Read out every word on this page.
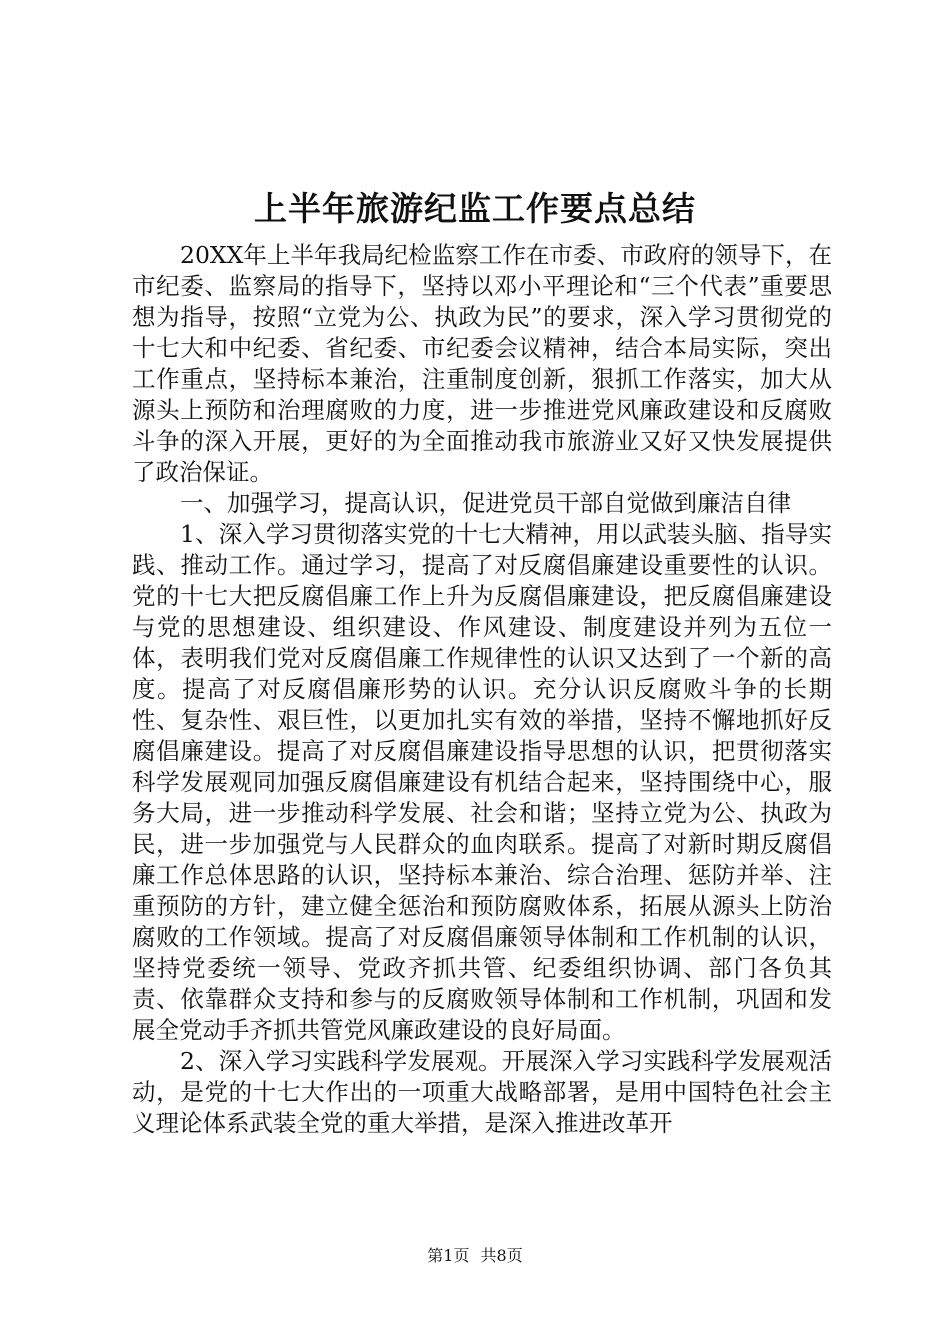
上半年旅游纪监工作要点总结

20XX年上半年我局纪检监察工作在市委、市政府的领导下，在市纪委、监察局的指导下，坚持以邓小平理论和“三个代表”重要思想为指导，按照“立党为公、执政为民”的要求，深入学习贯彻党的十七大和中纪委、省纪委、市纪委会议精神，结合本局实际，突出工作重点，坚持标本兼治，注重制度创新，狠抓工作落实，加大从源头上预防和治理腐败的力度，进一步推进党风廉政建设和反腐败斗争的深入开展，更好的为全面推动我市旅游业又好又快发展提供了政治保证。

一、加强学习，提高认识，促进党员干部自觉做到廉洁自律

1、深入学习贯彻落实党的十七大精神，用以武装头脑、指导实践、推动工作。通过学习，提高了对反腐倡廉建设重要性的认识。党的十七大把反腐倡廉工作上升为反腐倡廉建设，把反腐倡廉建设与党的思想建设、组织建设、作风建设、制度建设并列为五位一体，表明我们党对反腐倡廉工作规律性的认识又达到了一个新的高度。提高了对反腐倡廉形势的认识。充分认识反腐败斗争的长期性、复杂性、艰巨性，以更加扎实有效的举措，坚持不懈地抓好反腐倡廉建设。提高了对反腐倡廉建设指导思想的认识，把贯彻落实科学发展观同加强反腐倡廉建设有机结合起来，坚持围绕中心，服务大局，进一步推动科学发展、社会和谐；坚持立党为公、执政为民，进一步加强党与人民群众的血肉联系。提高了对新时期反腐倡廉工作总体思路的认识，坚持标本兼治、综合治理、惩防并举、注重预防的方针，建立健全惩治和预防腐败体系，拓展从源头上防治腐败的工作领域。提高了对反腐倡廉领导体制和工作机制的认识，坚持党委统一领导、党政齐抓共管、纪委组织协调、部门各负其责、依靠群众支持和参与的反腐败领导体制和工作机制，巩固和发展全党动手齐抓共管党风廉政建设的良好局面。

2、深入学习实践科学发展观。开展深入学习实践科学发展观活动，是党的十七大作出的一项重大战略部署，是用中国特色社会主义理论体系武装全党的重大举措，是深入推进改革开

第1页 共8页
